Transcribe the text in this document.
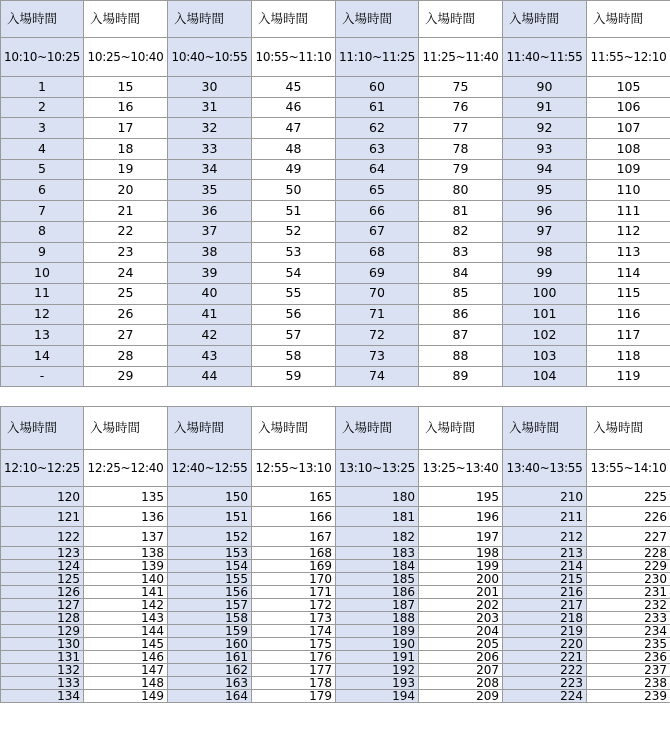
入場時間	入場時間	入場時間	入場時間	入場時間	入場時間	入場時間	入場時間
10:10~10:25	10:25~10:40	10:40~10:55	10:55~11:10	11:10~11:25	11:25~11:40	11:40~11:55	11:55~12:10
1	15	30	45	60	75	90	105
2	16	31	46	61	76	91	106
3	17	32	47	62	77	92	107
4	18	33	48	63	78	93	108
5	19	34	49	64	79	94	109
6	20	35	50	65	80	95	110
7	21	36	51	66	81	96	111
8	22	37	52	67	82	97	112
9	23	38	53	68	83	98	113
10	24	39	54	69	84	99	114
11	25	40	55	70	85	100	115
12	26	41	56	71	86	101	116
13	27	42	57	72	87	102	117
14	28	43	58	73	88	103	118
-	29	44	59	74	89	104	119
入場時間	入場時間	入場時間	入場時間	入場時間	入場時間	入場時間	入場時間
12:10~12:25	12:25~12:40	12:40~12:55	12:55~13:10	13:10~13:25	13:25~13:40	13:40~13:55	13:55~14:10
120	135	150	165	180	195	210	225
121	136	151	166	181	196	211	226
122	137	152	167	182	197	212	227
123	138	153	168	183	198	213	228
124	139	154	169	184	199	214	229
125	140	155	170	185	200	215	230
126	141	156	171	186	201	216	231
127	142	157	172	187	202	217	232
128	143	158	173	188	203	218	233
129	144	159	174	189	204	219	234
130	145	160	175	190	205	220	235
131	146	161	176	191	206	221	236
132	147	162	177	192	207	222	237
133	148	163	178	193	208	223	238
134	149	164	179	194	209	224	239
